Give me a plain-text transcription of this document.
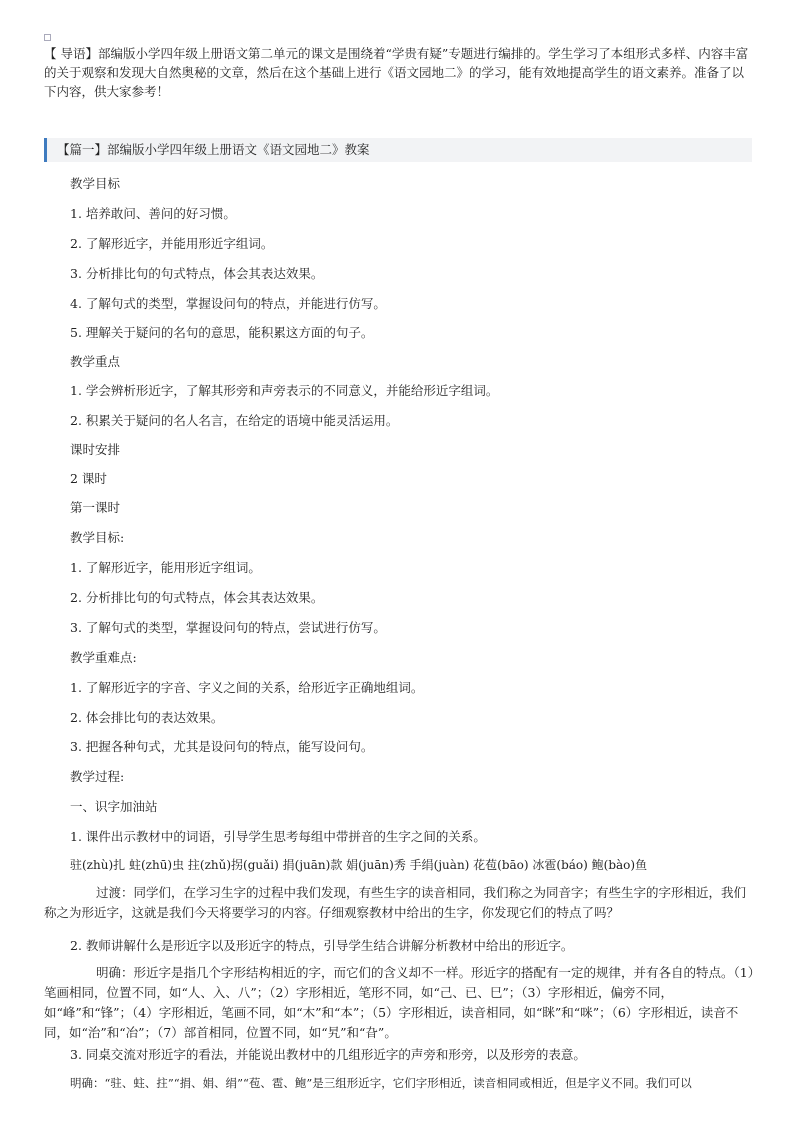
【 导语】部编版小学四年级上册语文第二单元的课文是围绕着“学贵有疑”专题进行编排的。学生学习了本组形式多样、内容丰富的关于观察和发现大自然奥秘的文章，然后在这个基础上进行《语文园地二》的学习，能有效地提高学生的语文素养。准备了以下内容，供大家参考！
【篇一】部编版小学四年级上册语文《语文园地二》教案
教学目标
1. 培养敢问、善问的好习惯。
2. 了解形近字，并能用形近字组词。
3. 分析排比句的句式特点，体会其表达效果。
4. 了解句式的类型，掌握设问句的特点，并能进行仿写。
5. 理解关于疑问的名句的意思，能积累这方面的句子。
教学重点
1. 学会辨析形近字，了解其形旁和声旁表示的不同意义，并能给形近字组词。
2. 积累关于疑问的名人名言，在给定的语境中能灵活运用。
课时安排
2 课时
第一课时
教学目标:
1. 了解形近字，能用形近字组词。
2. 分析排比句的句式特点，体会其表达效果。
3. 了解句式的类型，掌握设问句的特点，尝试进行仿写。
教学重难点:
1. 了解形近字的字音、字义之间的关系，给形近字正确地组词。
2. 体会排比句的表达效果。
3. 把握各种句式，尤其是设问句的特点，能写设问句。
教学过程:
一、识字加油站
1. 课件出示教材中的词语，引导学生思考每组中带拼音的生字之间的关系。
驻(zhù)扎 蛀(zhū)虫 拄(zhǔ)拐(guǎi) 捐(juān)款 娟(juān)秀 手绢(juàn) 花苞(bāo) 冰雹(báo) 鲍(bào)鱼
过渡：同学们，在学习生字的过程中我们发现，有些生字的读音相同，我们称之为同音字；有些生字的字形相近，我们称之为形近字，这就是我们今天将要学习的内容。仔细观察教材中给出的生字，你发现它们的特点了吗？
2. 教师讲解什么是形近字以及形近字的特点，引导学生结合讲解分析教材中给出的形近字。
明确：形近字是指几个字形结构相近的字，而它们的含义却不一样。形近字的搭配有一定的规律，并有各自的特点。（1）笔画相同，位置不同，如“人、入、八”；（2）字形相近，笔形不同，如“己、已、巳”；（3）字形相近，偏旁不同，如“峰”和“锋”；（4）字形相近，笔画不同，如“木”和“本”；（5）字形相近，读音相同，如“眯”和“咪”；（6）字形相近，读音不同，如“治”和“冶”；（7）部首相同，位置不同，如“旯”和“旮”。
3. 同桌交流对形近字的看法，并能说出教材中的几组形近字的声旁和形旁，以及形旁的表意。
明确：“驻、蛀、拄”“捐、娟、绢”“苞、雹、鲍”是三组形近字，它们字形相近，读音相同或相近，但是字义不同。我们可以
